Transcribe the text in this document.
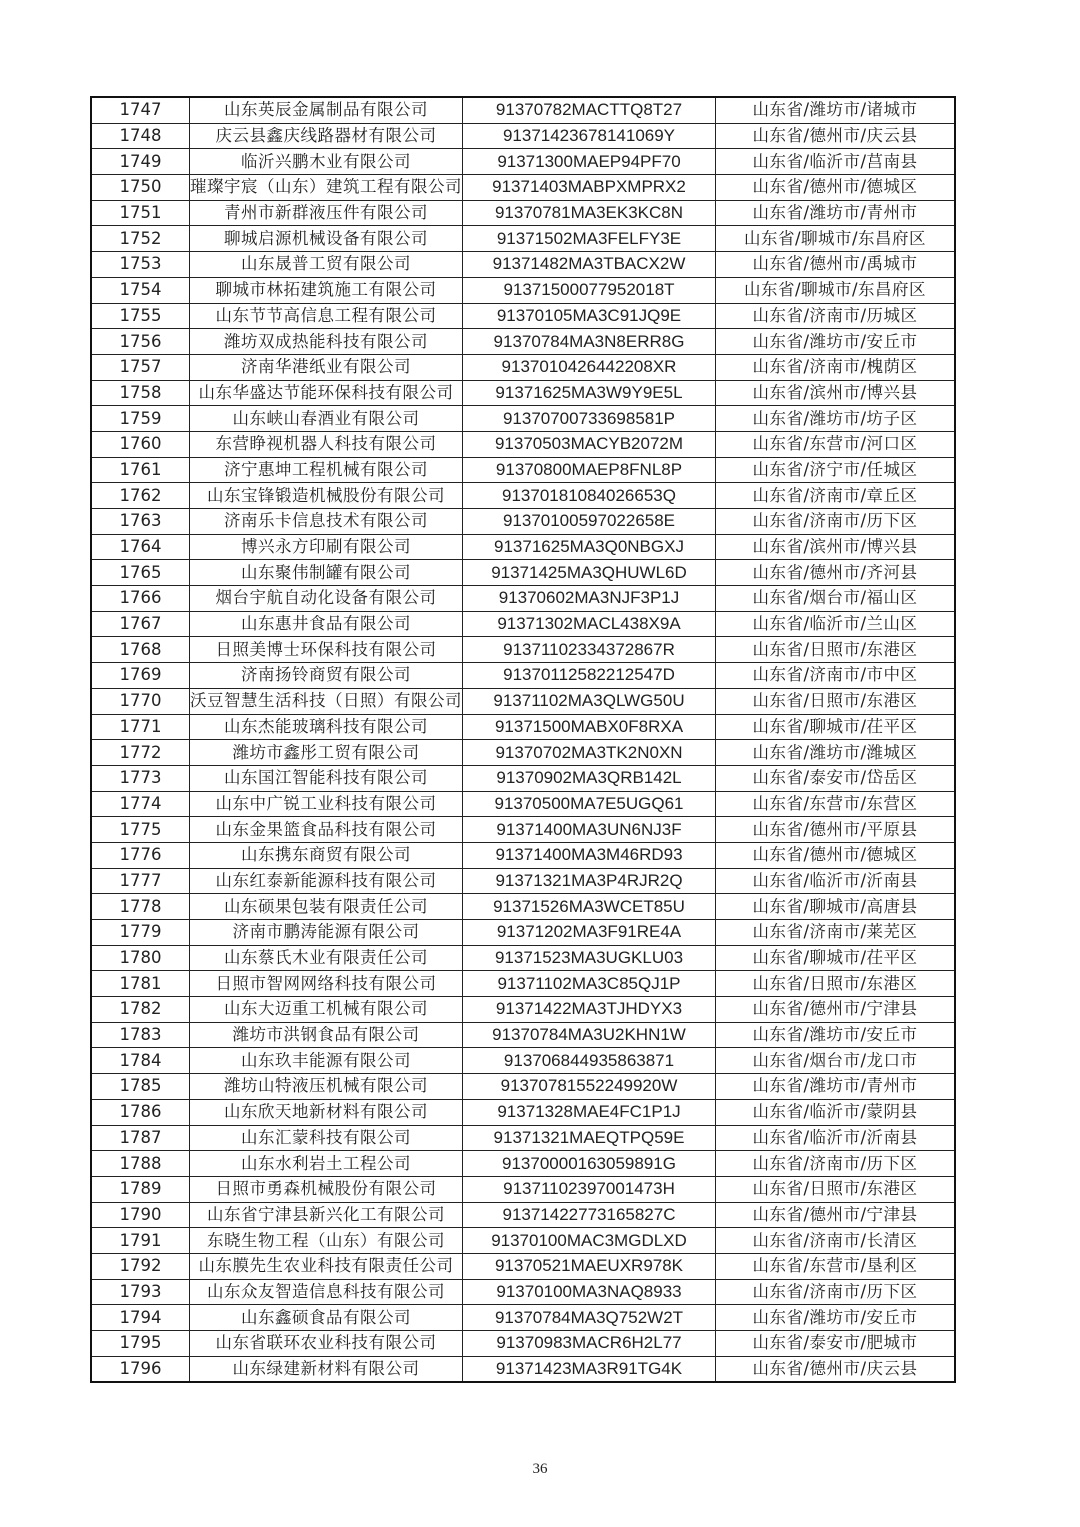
1747	山东英辰金属制品有限公司	91370782MACTTQ8T27	山东省/潍坊市/诸城市
1748	庆云县鑫庆线路器材有限公司	91371423678141069Y	山东省/德州市/庆云县
1749	临沂兴鹏木业有限公司	91371300MAEP94PF70	山东省/临沂市/莒南县
1750	璀璨宇宸（山东）建筑工程有限公司	91371403MABPXMPRX2	山东省/德州市/德城区
1751	青州市新群液压件有限公司	91370781MA3EK3KC8N	山东省/潍坊市/青州市
1752	聊城启源机械设备有限公司	91371502MA3FELFY3E	山东省/聊城市/东昌府区
1753	山东晟普工贸有限公司	91371482MA3TBACX2W	山东省/德州市/禹城市
1754	聊城市林拓建筑施工有限公司	91371500077952018T	山东省/聊城市/东昌府区
1755	山东节节高信息工程有限公司	91370105MA3C91JQ9E	山东省/济南市/历城区
1756	潍坊双成热能科技有限公司	91370784MA3N8ERR8G	山东省/潍坊市/安丘市
1757	济南华港纸业有限公司	9137010426442208XR	山东省/济南市/槐荫区
1758	山东华盛达节能环保科技有限公司	91371625MA3W9Y9E5L	山东省/滨州市/博兴县
1759	山东峡山春酒业有限公司	91370700733698581P	山东省/潍坊市/坊子区
1760	东营睁视机器人科技有限公司	91370503MACYB2072M	山东省/东营市/河口区
1761	济宁惠坤工程机械有限公司	91370800MAEP8FNL8P	山东省/济宁市/任城区
1762	山东宝锋锻造机械股份有限公司	91370181084026653Q	山东省/济南市/章丘区
1763	济南乐卡信息技术有限公司	91370100597022658E	山东省/济南市/历下区
1764	博兴永方印刷有限公司	91371625MA3Q0NBGXJ	山东省/滨州市/博兴县
1765	山东聚伟制罐有限公司	91371425MA3QHUWL6D	山东省/德州市/齐河县
1766	烟台宇航自动化设备有限公司	91370602MA3NJF3P1J	山东省/烟台市/福山区
1767	山东惠井食品有限公司	91371302MACL438X9A	山东省/临沂市/兰山区
1768	日照美博士环保科技有限公司	91371102334372867R	山东省/日照市/东港区
1769	济南扬铃商贸有限公司	91370112582212547D	山东省/济南市/市中区
1770	沃豆智慧生活科技（日照）有限公司	91371102MA3QLWG50U	山东省/日照市/东港区
1771	山东杰能玻璃科技有限公司	91371500MABX0F8RXA	山东省/聊城市/茌平区
1772	潍坊市鑫彤工贸有限公司	91370702MA3TK2N0XN	山东省/潍坊市/潍城区
1773	山东国江智能科技有限公司	91370902MA3QRB142L	山东省/泰安市/岱岳区
1774	山东中广锐工业科技有限公司	91370500MA7E5UGQ61	山东省/东营市/东营区
1775	山东金果篮食品科技有限公司	91371400MA3UN6NJ3F	山东省/德州市/平原县
1776	山东携东商贸有限公司	91371400MA3M46RD93	山东省/德州市/德城区
1777	山东红泰新能源科技有限公司	91371321MA3P4RJR2Q	山东省/临沂市/沂南县
1778	山东硕果包装有限责任公司	91371526MA3WCET85U	山东省/聊城市/高唐县
1779	济南市鹏涛能源有限公司	91371202MA3F91RE4A	山东省/济南市/莱芜区
1780	山东蔡氏木业有限责任公司	91371523MA3UGKLU03	山东省/聊城市/茌平区
1781	日照市智网网络科技有限公司	91371102MA3C85QJ1P	山东省/日照市/东港区
1782	山东大迈重工机械有限公司	91371422MA3TJHDYX3	山东省/德州市/宁津县
1783	潍坊市洪钢食品有限公司	91370784MA3U2KHN1W	山东省/潍坊市/安丘市
1784	山东玖丰能源有限公司	913706844935863871	山东省/烟台市/龙口市
1785	潍坊山特液压机械有限公司	91370781552249920W	山东省/潍坊市/青州市
1786	山东欣天地新材料有限公司	91371328MAE4FC1P1J	山东省/临沂市/蒙阴县
1787	山东汇蒙科技有限公司	91371321MAEQTPQ59E	山东省/临沂市/沂南县
1788	山东水利岩土工程公司	91370000163059891G	山东省/济南市/历下区
1789	日照市勇森机械股份有限公司	91371102397001473H	山东省/日照市/东港区
1790	山东省宁津县新兴化工有限公司	91371422773165827C	山东省/德州市/宁津县
1791	东晓生物工程（山东）有限公司	91370100MAC3MGDLXD	山东省/济南市/长清区
1792	山东膜先生农业科技有限责任公司	91370521MAEUXR978K	山东省/东营市/垦利区
1793	山东众友智造信息科技有限公司	91370100MA3NAQ8933	山东省/济南市/历下区
1794	山东鑫硕食品有限公司	91370784MA3Q752W2T	山东省/潍坊市/安丘市
1795	山东省联环农业科技有限公司	91370983MACR6H2L77	山东省/泰安市/肥城市
1796	山东绿建新材料有限公司	91371423MA3R91TG4K	山东省/德州市/庆云县
36
